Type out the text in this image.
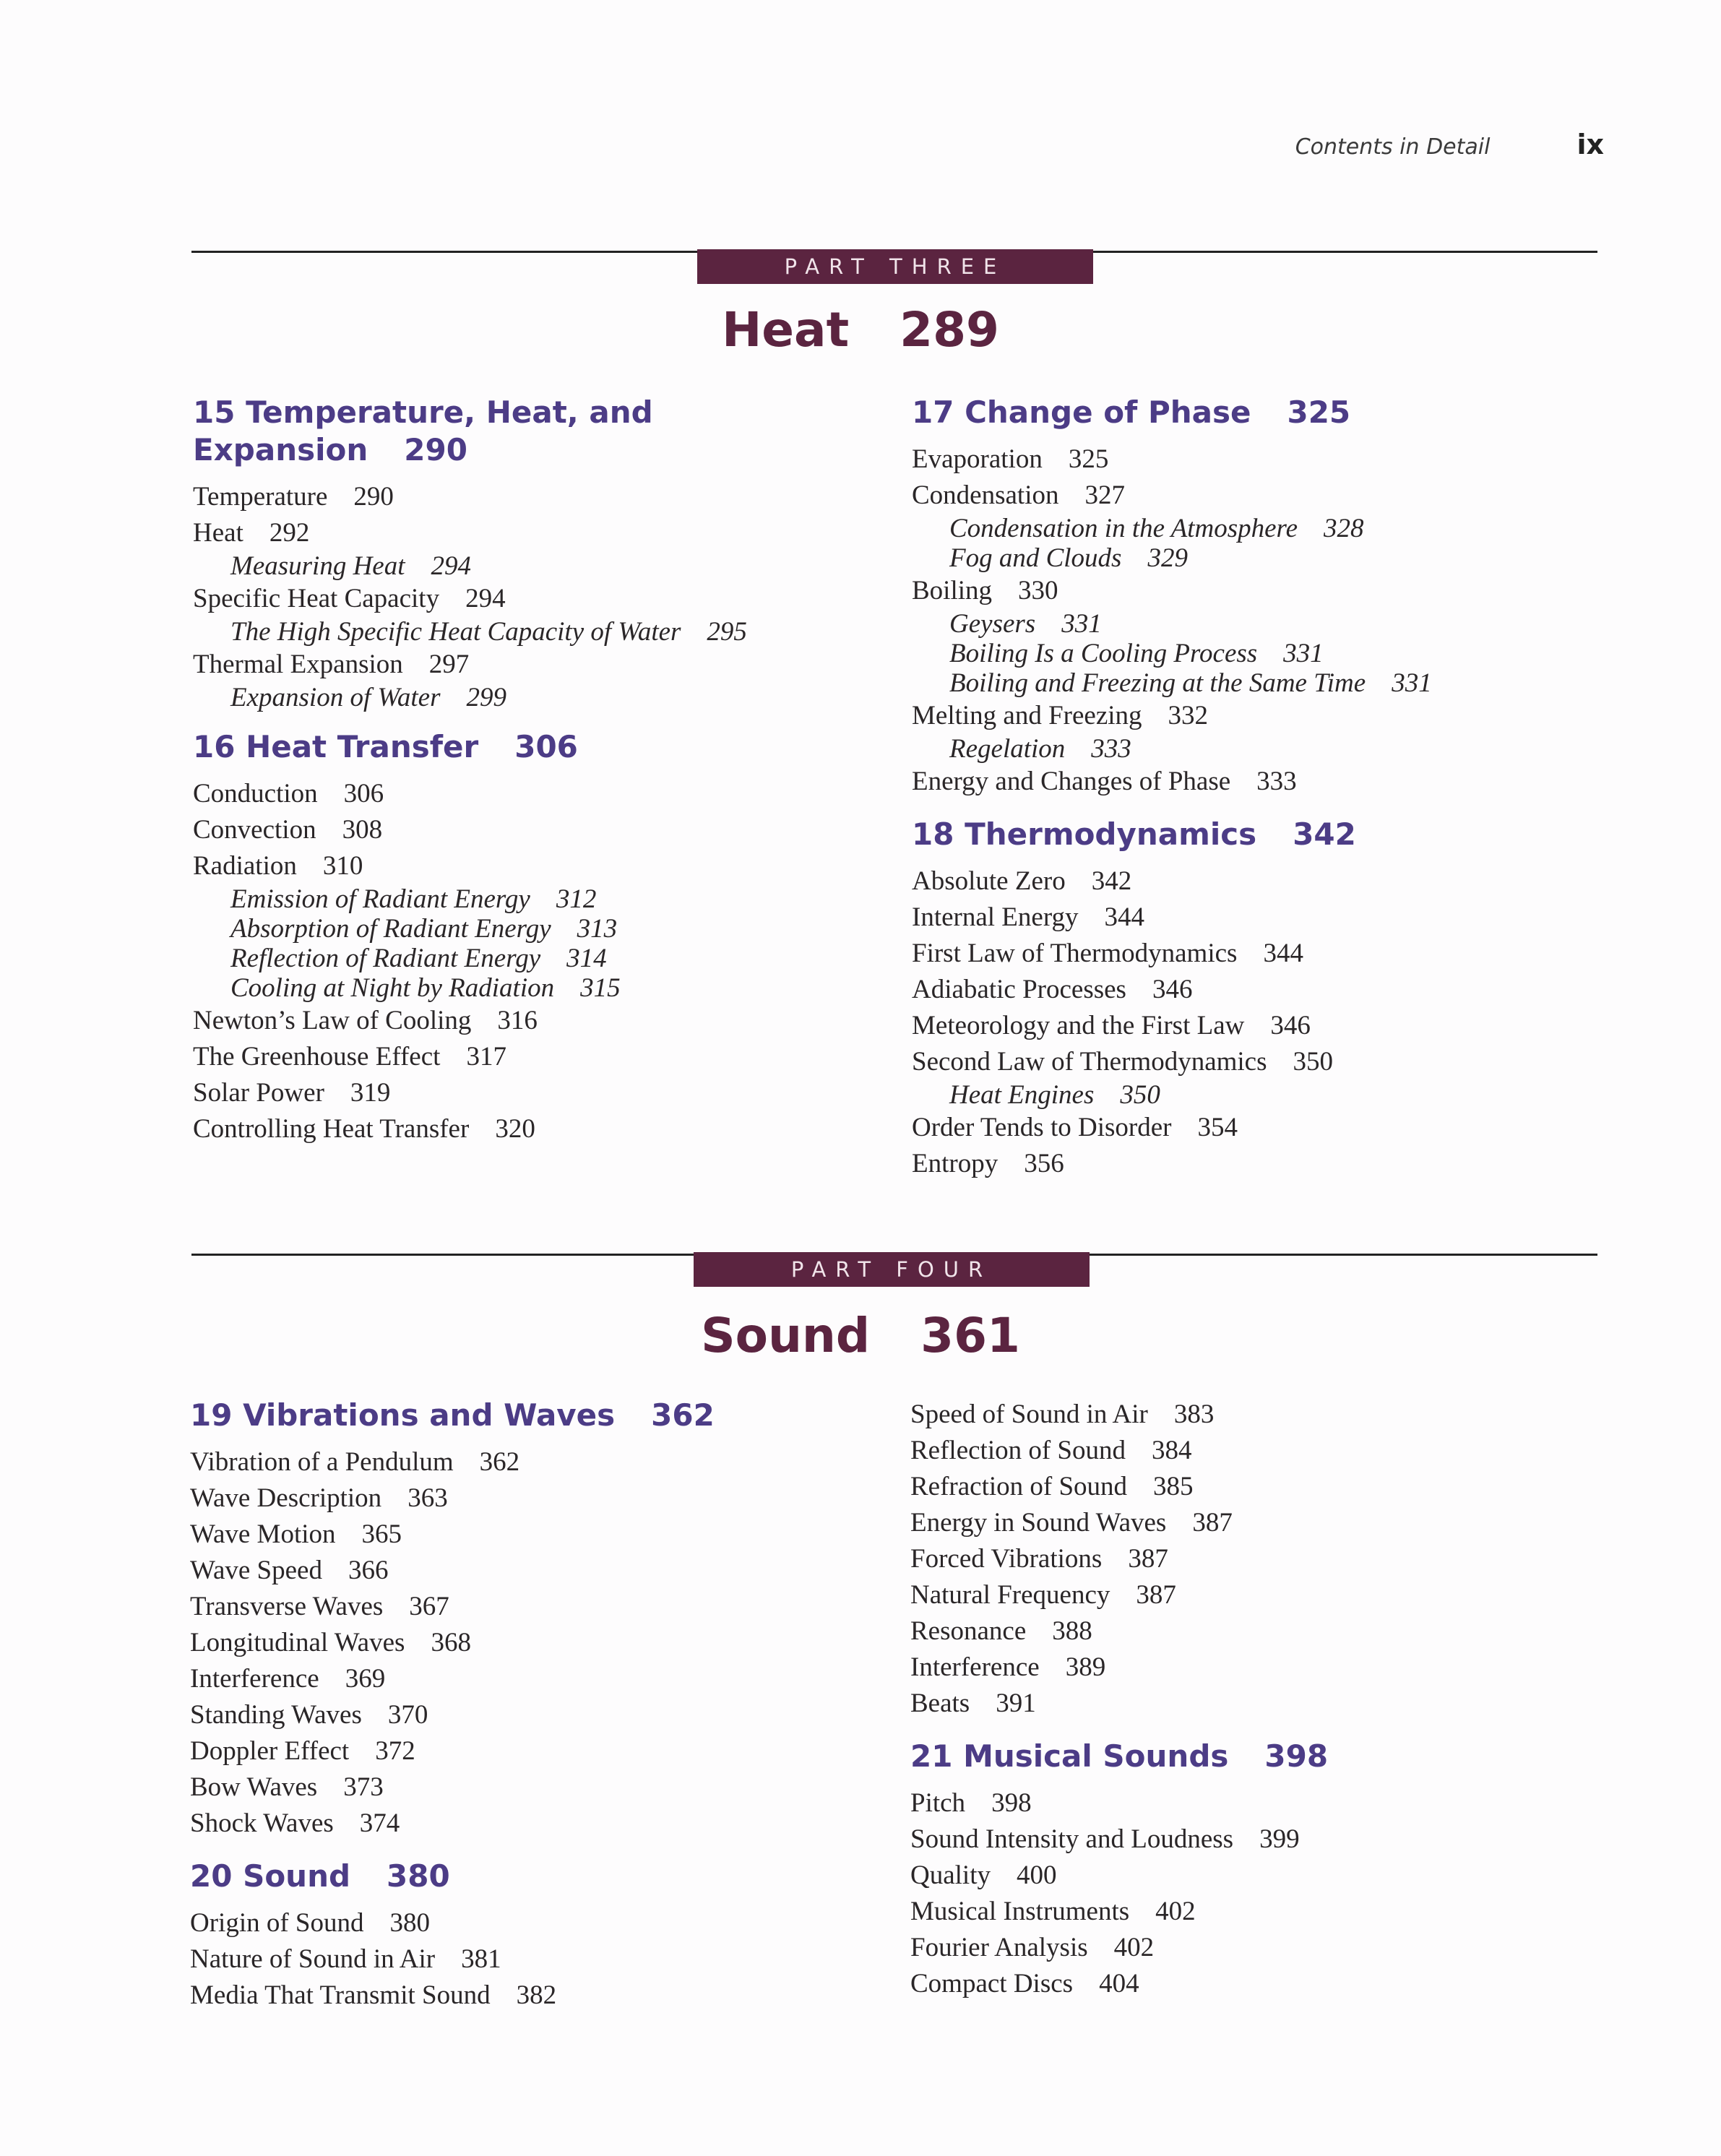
Contents in Detail	ix
PART THREE
Heat 289
15 Temperature, Heat, and Expansion 290
Temperature 290
Heat 292
Measuring Heat 294
Specific Heat Capacity 294
The High Specific Heat Capacity of Water 295
Thermal Expansion 297
Expansion of Water 299
16 Heat Transfer 306
Conduction 306
Convection 308
Radiation 310
Emission of Radiant Energy 312
Absorption of Radiant Energy 313
Reflection of Radiant Energy 314
Cooling at Night by Radiation 315
Newton’s Law of Cooling 316
The Greenhouse Effect 317
Solar Power 319
Controlling Heat Transfer 320
17 Change of Phase 325
Evaporation 325
Condensation 327
Condensation in the Atmosphere 328
Fog and Clouds 329
Boiling 330
Geysers 331
Boiling Is a Cooling Process 331
Boiling and Freezing at the Same Time 331
Melting and Freezing 332
Regelation 333
Energy and Changes of Phase 333
18 Thermodynamics 342
Absolute Zero 342
Internal Energy 344
First Law of Thermodynamics 344
Adiabatic Processes 346
Meteorology and the First Law 346
Second Law of Thermodynamics 350
Heat Engines 350
Order Tends to Disorder 354
Entropy 356
PART FOUR
Sound 361
19 Vibrations and Waves 362
Vibration of a Pendulum 362
Wave Description 363
Wave Motion 365
Wave Speed 366
Transverse Waves 367
Longitudinal Waves 368
Interference 369
Standing Waves 370
Doppler Effect 372
Bow Waves 373
Shock Waves 374
20 Sound 380
Origin of Sound 380
Nature of Sound in Air 381
Media That Transmit Sound 382
Speed of Sound in Air 383
Reflection of Sound 384
Refraction of Sound 385
Energy in Sound Waves 387
Forced Vibrations 387
Natural Frequency 387
Resonance 388
Interference 389
Beats 391
21 Musical Sounds 398
Pitch 398
Sound Intensity and Loudness 399
Quality 400
Musical Instruments 402
Fourier Analysis 402
Compact Discs 404
